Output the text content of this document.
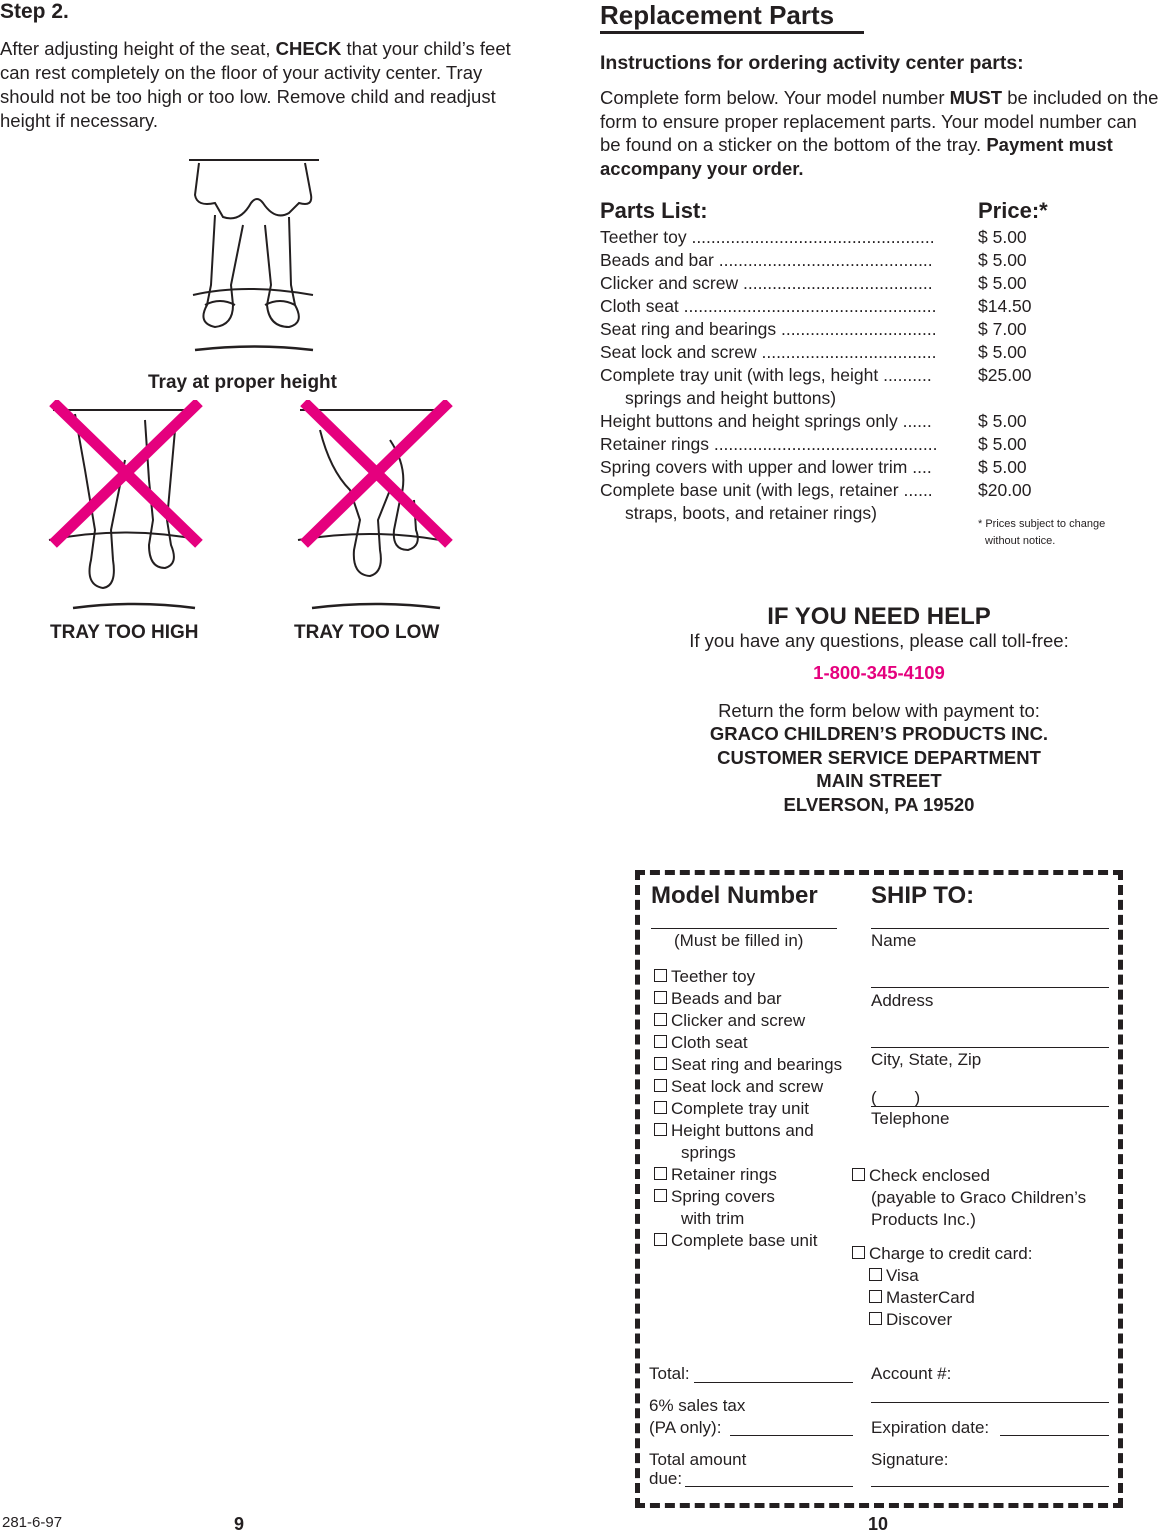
Step 2.
After adjusting height of the seat, CHECK that your child’s feet can rest completely on the floor of your activity center. Tray should not be too high or too low. Remove child and readjust height if necessary.
Tray at proper height
TRAY TOO HIGH	TRAY TOO LOW
Replacement Parts
Instructions for ordering activity center parts:
Complete form below. Your model number MUST be included on the form to ensure proper replacement parts. Your model number can be found on a sticker on the bottom of the tray. Payment must accompany your order.
Parts List:	Price:*
Teether toy .................................................. $ 5.00
Beads and bar ............................................	$ 5.00
Clicker and screw .......................................	$ 5.00
Cloth seat .................................................... $14.50
Seat ring and bearings ................................ $ 7.00
Seat lock and screw .................................... $ 5.00
Complete tray unit (with legs, height ..........	$25.00
springs and height buttons)
Height buttons and height springs only ......	$ 5.00
Retainer rings .............................................. $ 5.00
Spring covers with upper and lower trim ....	$ 5.00
Complete base unit (with legs, retainer ......	$20.00
straps, boots, and retainer rings)
* Prices subject to change
without notice.
IF YOU NEED HELP
If you have any questions, please call toll-free:
1-800-345-4109
Return the form below with payment to:
GRACO CHILDREN’S PRODUCTS INC.
CUSTOMER SERVICE DEPARTMENT
MAIN STREET
ELVERSON, PA 19520
Model Number
(Must be filled in)
SHIP TO:
Name
Address
City, State, Zip
(        )
Telephone
Teether toy
Beads and bar
Clicker and screw
Cloth seat
Seat ring and bearings
Seat lock and screw
Complete tray unit
Height buttons and
springs
Retainer rings
Spring covers
with trim
Complete base unit
Check enclosed
(payable to Graco Children’s
Products Inc.)
Charge to credit card:
Visa
MasterCard
Discover
Total:
6% sales tax
(PA only):
Total amount
due:
Account #:
Expiration date:
Signature:
281-6-97	9	10
